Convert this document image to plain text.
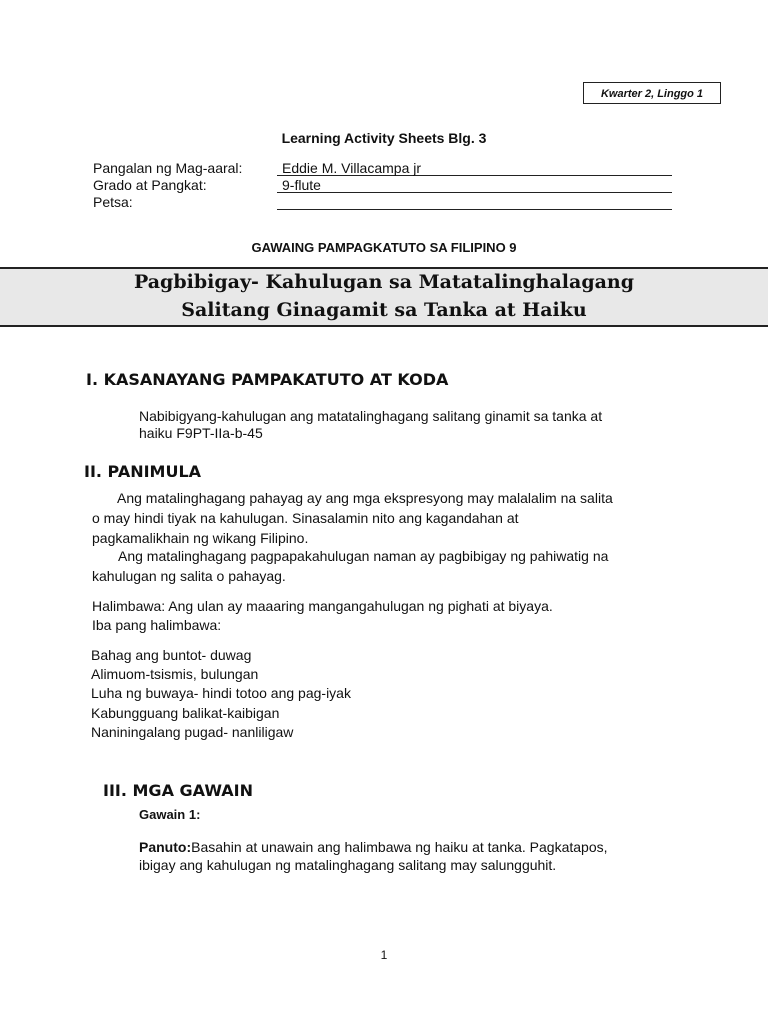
Kwarter 2, Linggo 1
Learning Activity Sheets Blg. 3
Pangalan ng Mag-aaral:	Eddie M. Villacampa jr
Grado at Pangkat:	9-flute
Petsa:
GAWAING PAMPAGKATUTO SA FILIPINO 9
Pagbibigay- Kahulugan sa Matatalinghalagang
Salitang Ginagamit sa Tanka at Haiku
I. KASANAYANG PAMPAKATUTO AT KODA
Nabibigyang-kahulugan ang matatalinghagang salitang ginamit sa tanka at
haiku F9PT-IIa-b-45
II. PANIMULA
Ang matalinghagang pahayag ay ang mga ekspresyong may malalalim na salita
o may hindi tiyak na kahulugan. Sinasalamin nito ang kagandahan at
pagkamalikhain ng wikang Filipino.
Ang matalinghagang pagpapakahulugan naman ay pagbibigay ng pahiwatig na
kahulugan ng salita o pahayag.
Halimbawa: Ang ulan ay maaaring mangangahulugan ng pighati at biyaya.
Iba pang halimbawa:
Bahag ang buntot- duwag
Alimuom-tsismis, bulungan
Luha ng buwaya- hindi totoo ang pag-iyak
Kabungguang balikat-kaibigan
Naniningalang pugad- nanliligaw
III. MGA GAWAIN
Gawain 1:
Panuto:Basahin at unawain ang halimbawa ng haiku at tanka. Pagkatapos,
ibigay ang kahulugan ng matalinghagang salitang may salungguhit.
1
